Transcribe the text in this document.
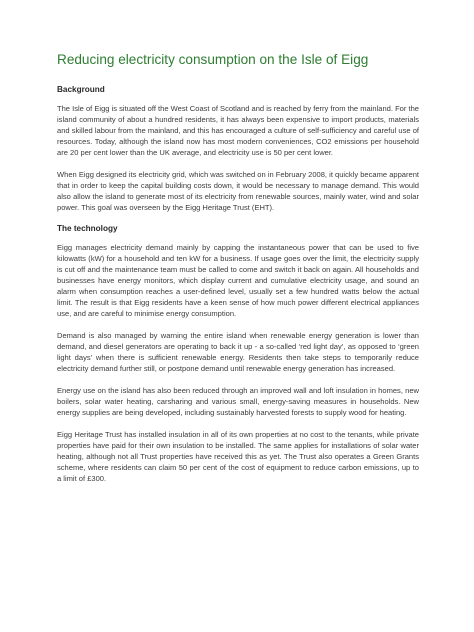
Reducing electricity consumption on the Isle of Eigg
Background

The Isle of Eigg is situated off the West Coast of Scotland and is reached by ferry from the mainland. For the island community of about a hundred residents, it has always been expensive to import products, materials and skilled labour from the mainland, and this has encouraged a culture of self-sufficiency and careful use of resources. Today, although the island now has most modern conveniences, CO2 emissions per household are 20 per cent lower than the UK average, and electricity use is 50 per cent lower.

When Eigg designed its electricity grid, which was switched on in February 2008, it quickly became apparent that in order to keep the capital building costs down, it would be necessary to manage demand. This would also allow the island to generate most of its electricity from renewable sources, mainly water, wind and solar power. This goal was overseen by the Eigg Heritage Trust (EHT).

The technology

Eigg manages electricity demand mainly by capping the instantaneous power that can be used to five kilowatts (kW) for a household and ten kW for a business. If usage goes over the limit, the electricity supply is cut off and the maintenance team must be called to come and switch it back on again. All households and businesses have energy monitors, which display current and cumulative electricity usage, and sound an alarm when consumption reaches a user-defined level, usually set a few hundred watts below the actual limit. The result is that Eigg residents have a keen sense of how much power different electrical appliances use, and are careful to minimise energy consumption.

Demand is also managed by warning the entire island when renewable energy generation is lower than demand, and diesel generators are operating to back it up - a so-called ‘red light day’, as opposed to ‘green light days’ when there is sufficient renewable energy. Residents then take steps to temporarily reduce electricity demand further still, or postpone demand until renewable energy generation has increased.

Energy use on the island has also been reduced through an improved wall and loft insulation in homes, new boilers, solar water heating, carsharing and various small, energy-saving measures in households. New energy supplies are being developed, including sustainably harvested forests to supply wood for heating.

Eigg Heritage Trust has installed insulation in all of its own properties at no cost to the tenants, while private properties have paid for their own insulation to be installed. The same applies for installations of solar water heating, although not all Trust properties have received this as yet. The Trust also operates a Green Grants scheme, where residents can claim 50 per cent of the cost of equipment to reduce carbon emissions, up to a limit of £300.
